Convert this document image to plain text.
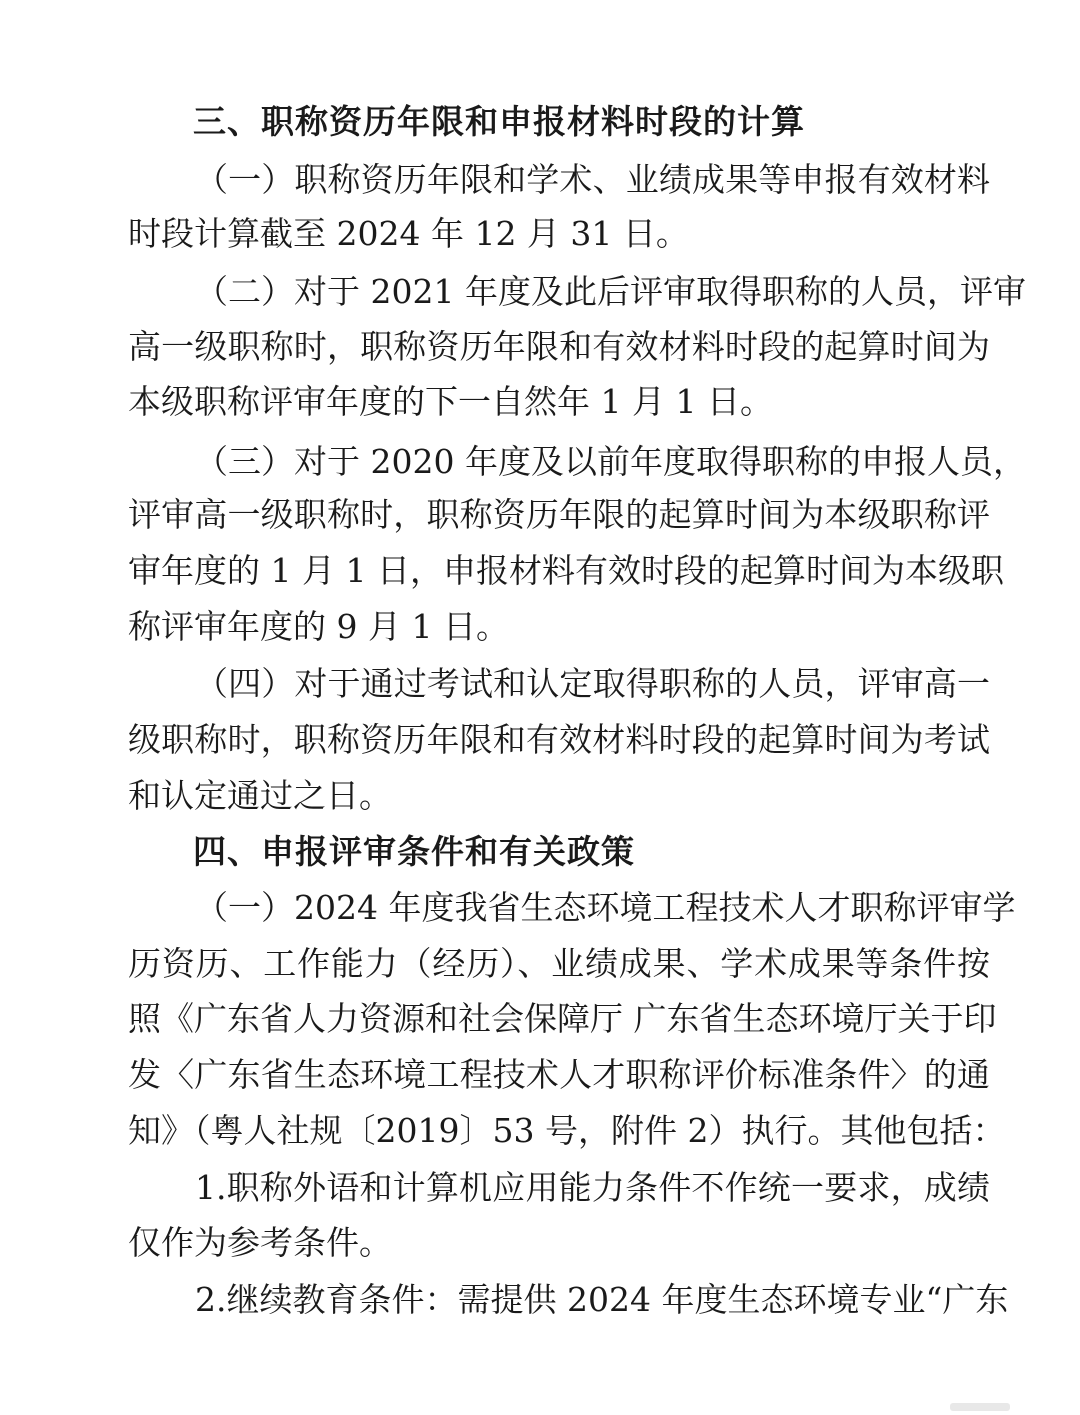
三、职称资历年限和申报材料时段的计算
（一）职称资历年限和学术、业绩成果等申报有效材料
时段计算截至 2024 年 12 月 31 日。
（二）对于 2021 年度及此后评审取得职称的人员，评审
高一级职称时，职称资历年限和有效材料时段的起算时间为
本级职称评审年度的下一自然年 1 月 1 日。
（三）对于 2020 年度及以前年度取得职称的申报人员，
评审高一级职称时，职称资历年限的起算时间为本级职称评
审年度的 1 月 1 日，申报材料有效时段的起算时间为本级职
称评审年度的 9 月 1 日。
（四）对于通过考试和认定取得职称的人员，评审高一
级职称时，职称资历年限和有效材料时段的起算时间为考试
和认定通过之日。
四、申报评审条件和有关政策
（一）2024 年度我省生态环境工程技术人才职称评审学
历资历、工作能力（经历）、业绩成果、学术成果等条件按
照《广东省人力资源和社会保障厅 广东省生态环境厅关于印
发〈广东省生态环境工程技术人才职称评价标准条件〉的通
知》（粤人社规〔2019〕53 号，附件 2）执行。其他包括：
1.职称外语和计算机应用能力条件不作统一要求，成绩
仅作为参考条件。
2.继续教育条件：需提供 2024 年度生态环境专业“广东
